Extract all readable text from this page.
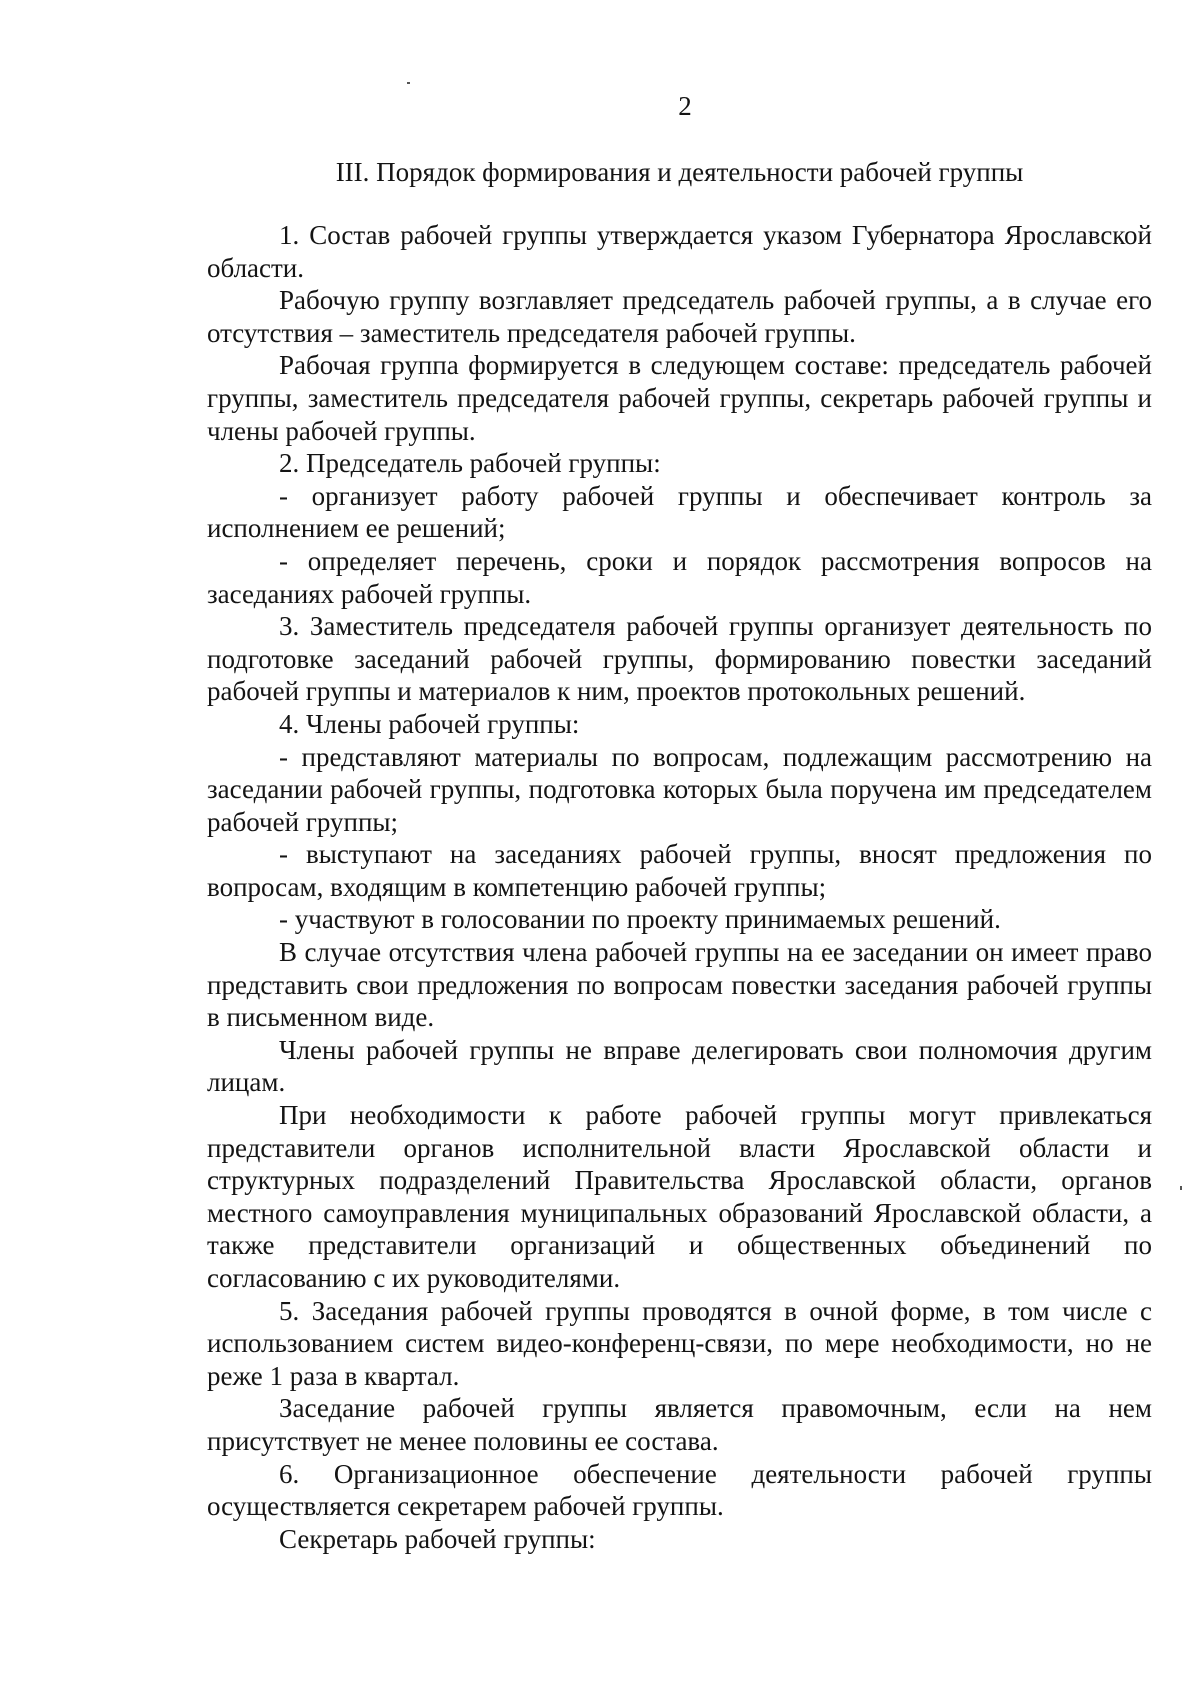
2
III. Порядок формирования и деятельности рабочей группы

1. Состав рабочей группы утверждается указом Губернатора Ярославской области.

Рабочую группу возглавляет председатель рабочей группы, а в случае его отсутствия – заместитель председателя рабочей группы.

Рабочая группа формируется в следующем составе: председатель рабочей группы, заместитель председателя рабочей группы, секретарь рабочей группы и члены рабочей группы.

2. Председатель рабочей группы:

- организует работу рабочей группы и обеспечивает контроль за исполнением ее решений;

- определяет перечень, сроки и порядок рассмотрения вопросов на заседаниях рабочей группы.

3. Заместитель председателя рабочей группы организует деятельность по подготовке заседаний рабочей группы, формированию повестки заседаний рабочей группы и материалов к ним, проектов протокольных решений.

4. Члены рабочей группы:

- представляют материалы по вопросам, подлежащим рассмотрению на заседании рабочей группы, подготовка которых была поручена им председателем рабочей группы;

- выступают на заседаниях рабочей группы, вносят предложения по вопросам, входящим в компетенцию рабочей группы;

- участвуют в голосовании по проекту принимаемых решений.

В случае отсутствия члена рабочей группы на ее заседании он имеет право представить свои предложения по вопросам повестки заседания рабочей группы в письменном виде.

Члены рабочей группы не вправе делегировать свои полномочия другим лицам.

При необходимости к работе рабочей группы могут привлекаться представители органов исполнительной власти Ярославской области и структурных подразделений Правительства Ярославской области, органов местного самоуправления муниципальных образований Ярославской области, а также представители организаций и общественных объединений по согласованию с их руководителями.

5. Заседания рабочей группы проводятся в очной форме, в том числе с использованием систем видео-конференц-связи, по мере необходимости, но не реже 1 раза в квартал.

Заседание рабочей группы является правомочным, если на нем присутствует не менее половины ее состава.

6. Организационное обеспечение деятельности рабочей группы осуществляется секретарем рабочей группы.

Секретарь рабочей группы:
